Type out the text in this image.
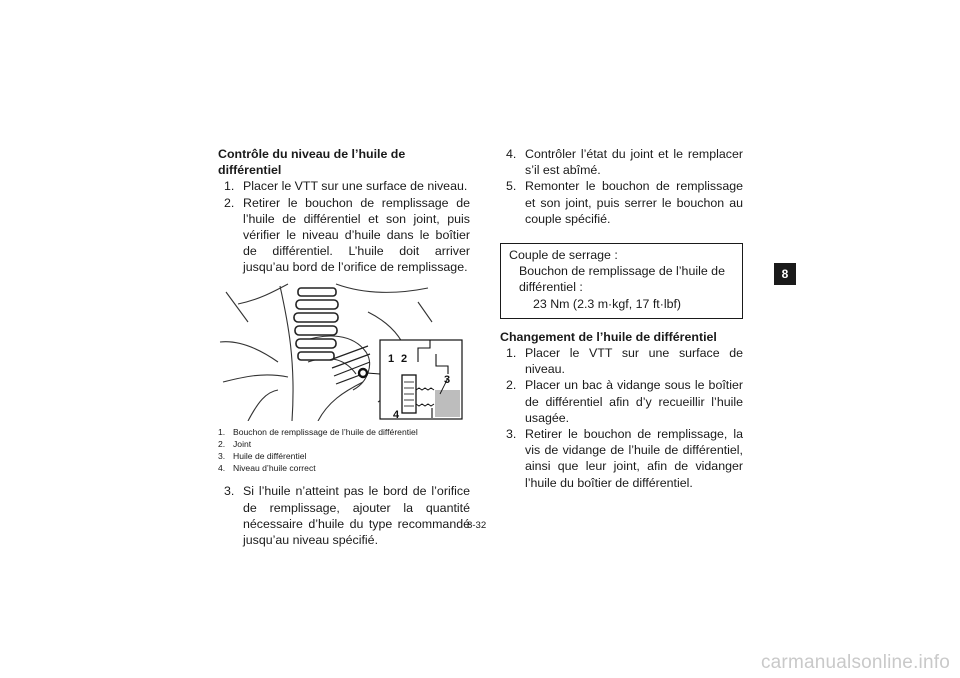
Contrôle du niveau de l’huile de différentiel

1. Placer le VTT sur une surface de niveau.
2. Retirer le bouchon de remplissage de l’huile de différentiel et son joint, puis vérifier le niveau d’huile dans le boîtier de différentiel. L’huile doit arriver jusqu’au bord de l’orifice de remplissage.
1 2
3
4
1. Bouchon de remplissage de l’huile de différentiel
2. Joint
3. Huile de différentiel
4. Niveau d’huile correct
3. Si l’huile n’atteint pas le bord de l’orifice de remplissage, ajouter la quantité nécessaire d’huile du type recommandé jusqu’au niveau spécifié.
4. Contrôler l’état du joint et le remplacer s’il est abîmé.
5. Remonter le bouchon de remplissage et son joint, puis serrer le bouchon au couple spécifié.
Couple de serrage :
Bouchon de remplissage de l’huile de différentiel :
23 Nm (2.3 m·kgf, 17 ft·lbf)

Changement de l’huile de différentiel

1. Placer le VTT sur une surface de niveau.
2. Placer un bac à vidange sous le boîtier de différentiel afin d’y recueillir l’huile usagée.
3. Retirer le bouchon de remplissage, la vis de vidange de l’huile de différentiel, ainsi que leur joint, afin de vidanger l’huile du boîtier de différentiel.
8
8-32
carmanualsonline.info
